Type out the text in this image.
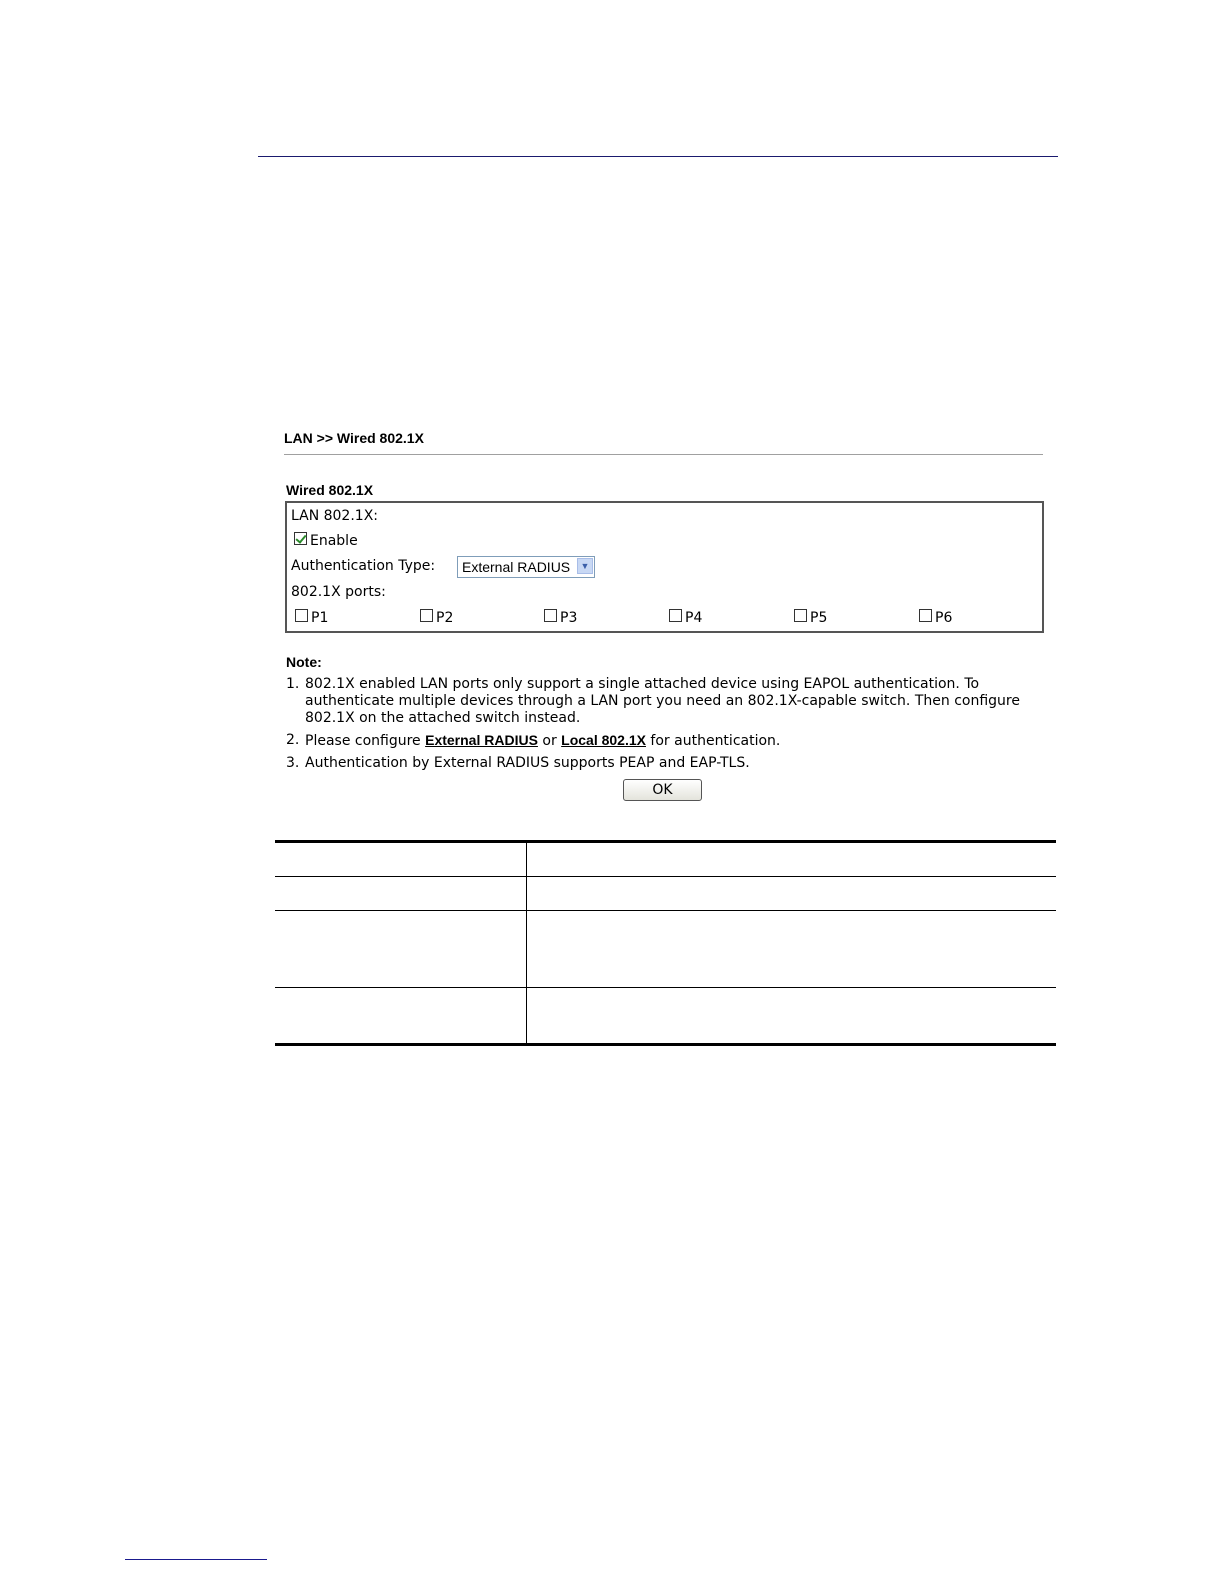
LAN >> Wired 802.1X
Wired 802.1X
LAN 802.1X:
Enable
Authentication Type: External RADIUS	▼
802.1X ports:
P1	P2	P3	P4	P5	P6
Note:
1. 802.1X enabled LAN ports only support a single attached device using EAPOL authentication. To
authenticate multiple devices through a LAN port you need an 802.1X-capable switch. Then configure
802.1X on the attached switch instead.
2. Please configure External RADIUS or Local 802.1X for authentication.
3. Authentication by External RADIUS supports PEAP and EAP-TLS.
OK
